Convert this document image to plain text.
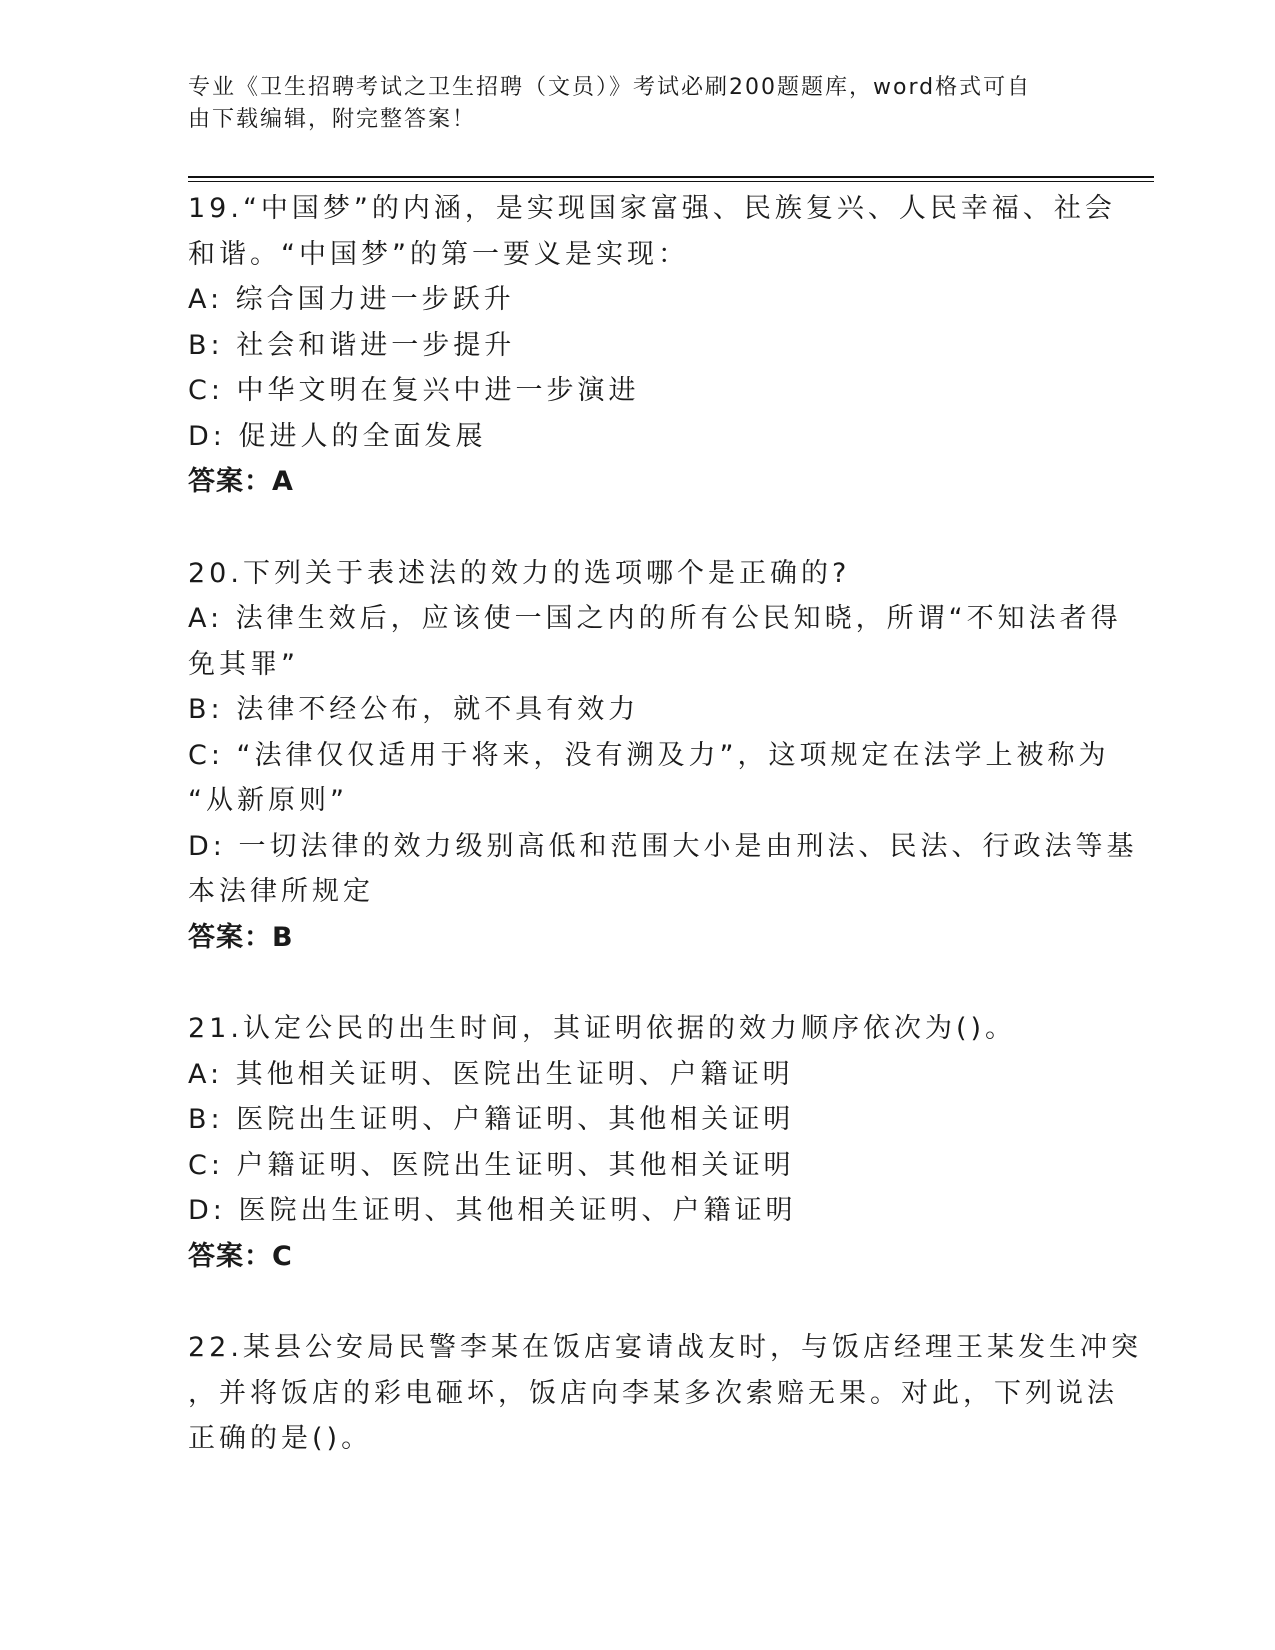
专业《卫生招聘考试之卫生招聘（文员）》考试必刷200题题库，word格式可自
由下载编辑，附完整答案！
19.“中国梦”的内涵，是实现国家富强、民族复兴、人民幸福、社会
和谐。“中国梦”的第一要义是实现：
A: 综合国力进一步跃升
B: 社会和谐进一步提升
C: 中华文明在复兴中进一步演进
D: 促进人的全面发展
答案：A
20.下列关于表述法的效力的选项哪个是正确的?
A: 法律生效后，应该使一国之内的所有公民知晓，所谓“不知法者得
免其罪”
B: 法律不经公布，就不具有效力
C: “法律仅仅适用于将来，没有溯及力”，这项规定在法学上被称为
“从新原则”
D: 一切法律的效力级别高低和范围大小是由刑法、民法、行政法等基
本法律所规定
答案：B
21.认定公民的出生时间，其证明依据的效力顺序依次为()。
A: 其他相关证明、医院出生证明、户籍证明
B: 医院出生证明、户籍证明、其他相关证明
C: 户籍证明、医院出生证明、其他相关证明
D: 医院出生证明、其他相关证明、户籍证明
答案：C
22.某县公安局民警李某在饭店宴请战友时，与饭店经理王某发生冲突
，并将饭店的彩电砸坏，饭店向李某多次索赔无果。对此，下列说法
正确的是()。
